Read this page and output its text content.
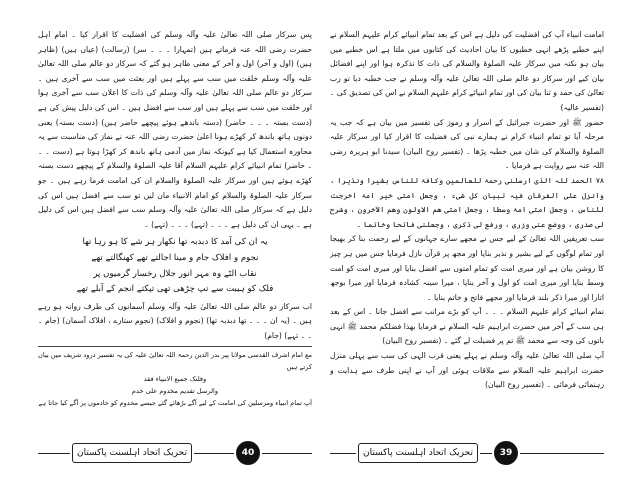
پس سرکار صلی اللہ تعالیٰ علیہ وآلہ وسلم کی افضلیت کا اقرار کیا ۔ امام اہل حضرت رضی اللہ عنہ فرماتے ہیں (تمہارا ۔ ۔ ۔ سر) (رسالت) (عیاں ہیں) (ظاہر ہیں) (اول و آخر) اول و آخر کے معنی ظاہر ہو گئے کہ سرکار دو عالم صلی اللہ تعالیٰ علیہ وآلہ وسلم خلقت میں سب سے پہلے ہیں اور بعثت میں سب سے آخری ہیں ۔ سرکار دو عالم صلی اللہ تعالیٰ علیہ وآلہ وسلم کی ذات کا اعلان سب سے آخری ہوا اور خلقت میں سب سے پہلے ہیں اور سب سے افضل ہیں ۔ اس کی دلیل پیش کی ہے (دست بستہ ۔ ۔ ۔ حاضر) (دستہ باندھے ہوئے پیچھے حاضر ہیں) (دست بستہ) یعنی دونوں ہاتھ باندھ کر کھڑے ہونا اعلیٰ حضرت رضی اللہ عنہ نے نماز کی مناسبت سے یہ محاورہ استعمال کیا ہے کیونکہ نماز میں آدمی ہاتھ باندھ کر کھڑا ہوتا ہے (دست ۔ ۔ ۔ حاضر) تمام انبیائے کرام علیہم السلام آقا علیہ الصلوۃ والسلام کے پیچھے دست بستہ کھڑے ہوئے ہیں اور سرکار علیہ الصلوۃ والسلام ان کی امامت فرما رہے ہیں ۔ جو سرکار علیہ الصلوۃ والسلام کو امام الانبیاء مان لیں تو سب سے افضل ہیں اس کی دلیل ہے کہ سرکار صلی اللہ تعالیٰ علیہ وآلہ وسلم سب سے افضل ہیں اس کی دلیل ہے ۔ یہی ان کی دلیل ہے ۔ ۔ ۔ (تہے) ۔ ۔ ۔ (تہے) ۔

یہ ان کی آمد کا دبدبہ تھا نکھار ہر شے کا ہو رہا تھا
نجوم و افلاک جام و مینا اجالتے تھے کھنگالتے تھے
نقاب الٹے وہ مہر انور جلال رخسار گرمیوں پر
فلک کو ہیبت سے تپ چڑھی تھی تپکتے انجم کے آبلے تھے

اب سرکار دو عالم صلی اللہ تعالیٰ علیہ وآلہ وسلم آسمانوں کی طرف روانہ ہو رہے ہیں ۔ (یہ ان ۔ ۔ ۔ تھا دبدبہ تھا) (نجوم و افلاک) (نجوم ستارے ، افلاک آسمان) (جام ۔ ۔ ۔ تہے) (جام)

مع امام اشرف القدسی مولانا پیر بدر الدین رحمۃ اللہ تعالیٰ علیہ کی یہ تفسیر درود شریف میں بیان کرتے ہیں
وقلنک جمیع الانبیاء فقد
والرسل تقدیم مخدوم علی خدم
آپ تمام انبیاء ومرسلین کی امامت کے لیے آگے بڑھائے گئے جیسے مخدوم کو خادموں پر آگے کیا جاتا ہے
تحریک اتحاد اہلسنت پاکستان	40

امامت انبیاء آپ کی افضلیت کی دلیل ہے اس کے بعد تمام انبیائے کرام علیہم السلام نے اپنے خطبے پڑھے انہی خطبوں کا بیان احادیث کی کتابوں میں ملتا ہے اس خطبے میں بیان ہو نکتہ میں سرکار علیہ الصلوۃ والسلام کی ذات کا تذکرہ ہوا اور اپنے افضائل بیان کیے اور سرکار دو عالم صلی اللہ تعالیٰ علیہ وآلہ وسلم نے جب خطبہ دیا تو رب تعالیٰ کی حمد و ثنا بیان کی اور تمام انبیائے کرام علیہم السلام نے اس کی تصدیق کی ۔ (تفسیر عالیہ)

حضور ﷺ اور حضرت جبرائیل کے اسرار و رموز کی تفسیر میں بیان ہے کہ جب یہ مرحلہ آیا تو تمام انبیاء کرام نے ہمارے نبی کی فضیلت کا اقرار کیا اور سرکار علیہ الصلوۃ والسلام کی شان میں خطبہ پڑھا ۔ (تفسیر روح البیان) سیدنا ابو ہریرہ رضی اللہ عنہ سے روایت ہے فرمایا ۔

۷۸ الحمد للہ الذی ارسلنی رحمۃ للعالمین وکافۃ للناس بشیرا ونذیرا ، وانزل علی الفرقان فیہ تبیان کل شیء ، وجعل امتی خیر امۃ اخرجت للناس ، وجعل امتی امۃ وسطا ، وجعل امتی ھم الاولون وھم الآخرون ، وشرح لی صدری ، ووضع عنی وزری ، ورفع لی ذکری ، وجعلنی فاتحا وخاتما ۔

سب تعریفیں اللہ تعالیٰ کے لیے جس نے مجھے سارے جہانوں کے لیے رحمت بنا کر بھیجا اور تمام لوگوں کے لیے بشیر و نذیر بنایا اور مجھ پر قرآن نازل فرمایا جس میں ہر چیز کا روشن بیان ہے اور میری امت کو تمام امتوں سے افضل بنایا اور میری امت کو امت وسط بنایا اور میری امت کو اول و آخر بنایا ، میرا سینہ کشادہ فرمایا اور میرا بوجھ اتارا اور میرا ذکر بلند فرمایا اور مجھے فاتح و خاتم بنایا ۔

تمام انبیائے کرام علیہم السلام ۔ ۔ ۔ آپ کو بڑے مراتب سے افضل جانا ۔ اس کے بعد ہی سب کے آخر میں حضرت ابراہیم علیہ السلام نے فرمایا بھذا فضلکم محمد ﷺ انہی باتوں کی وجہ سے محمد ﷺ تم پر فضیلت لے گئے ۔ (تفسیر روح البیان)

آپ صلی اللہ تعالیٰ علیہ وآلہ وسلم نے پہلے یعنی قرب الہی کی سب سے پہلی منزل حضرت ابراہیم علیہ السلام سے ملاقات ہوئی اور آپ نے اپنی طرف سے ہدایت و رہنمائی فرمائی ۔ (تفسیر روح البیان)

تحریک اتحاد اہلسنت پاکستان	39
